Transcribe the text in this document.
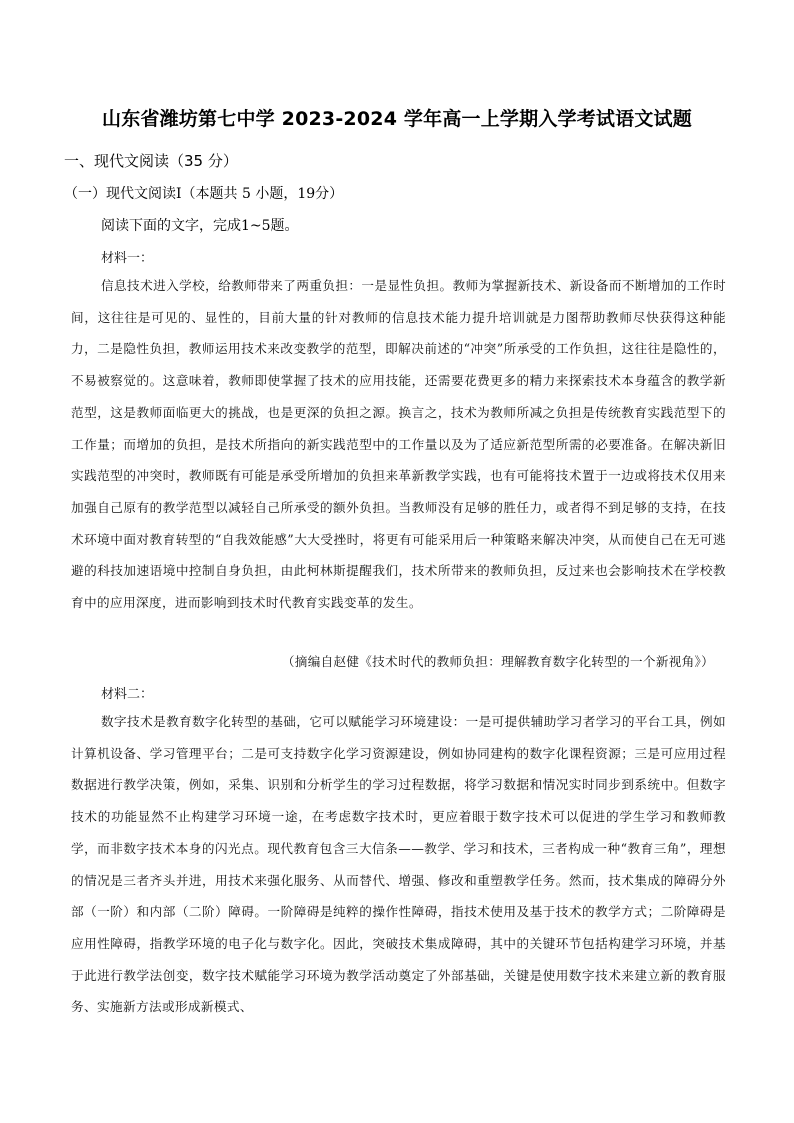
山东省潍坊第七中学 2023-2024 学年高一上学期入学考试语文试题
一、现代文阅读（35 分）
（一）现代文阅读Ⅰ（本题共 5 小题，19分）
阅读下面的文字，完成1~5题。
材料一：

信息技术进入学校，给教师带来了两重负担：一是显性负担。教师为掌握新技术、新设备而不断增加的工作时间，这往往是可见的、显性的，目前大量的针对教师的信息技术能力提升培训就是力图帮助教师尽快获得这种能力，二是隐性负担，教师运用技术来改变教学的范型，即解决前述的“冲突”所承受的工作负担，这往往是隐性的，不易被察觉的。这意味着，教师即使掌握了技术的应用技能，还需要花费更多的精力来探索技术本身蕴含的教学新范型，这是教师面临更大的挑战，也是更深的负担之源。换言之，技术为教师所减之负担是传统教育实践范型下的工作量；而增加的负担，是技术所指向的新实践范型中的工作量以及为了适应新范型所需的必要准备。在解决新旧实践范型的冲突时，教师既有可能是承受所增加的负担来革新教学实践，也有可能将技术置于一边或将技术仅用来加强自己原有的教学范型以减轻自己所承受的额外负担。当教师没有足够的胜任力，或者得不到足够的支持，在技术环境中面对教育转型的“自我效能感”大大受挫时，将更有可能采用后一种策略来解决冲突，从而使自己在无可逃避的科技加速语境中控制自身负担，由此柯林斯提醒我们，技术所带来的教师负担，反过来也会影响技术在学校教育中的应用深度，进而影响到技术时代教育实践变革的发生。

（摘编自赵健《技术时代的教师负担：理解教育数字化转型的一个新视角》）
材料二：

数字技术是教育数字化转型的基础，它可以赋能学习环境建设：一是可提供辅助学习者学习的平台工具，例如计算机设备、学习管理平台；二是可支持数字化学习资源建设，例如协同建构的数字化课程资源；三是可应用过程数据进行教学决策，例如，采集、识别和分析学生的学习过程数据，将学习数据和情况实时同步到系统中。但数字技术的功能显然不止构建学习环境一途，在考虑数字技术时，更应着眼于数字技术可以促进的学生学习和教师教学，而非数字技术本身的闪光点。现代教育包含三大信条——教学、学习和技术，三者构成一种“教育三角”，理想的情况是三者齐头并进，用技术来强化服务、从而替代、增强、修改和重塑教学任务。然而，技术集成的障碍分外部（一阶）和内部（二阶）障碍。一阶障碍是纯粹的操作性障碍，指技术使用及基于技术的教学方式；二阶障碍是应用性障碍，指教学环境的电子化与数字化。因此，突破技术集成障碍，其中的关键环节包括构建学习环境，并基于此进行教学法创变，数字技术赋能学习环境为教学活动奠定了外部基础，关键是使用数字技术来建立新的教育服务、实施新方法或形成新模式、
